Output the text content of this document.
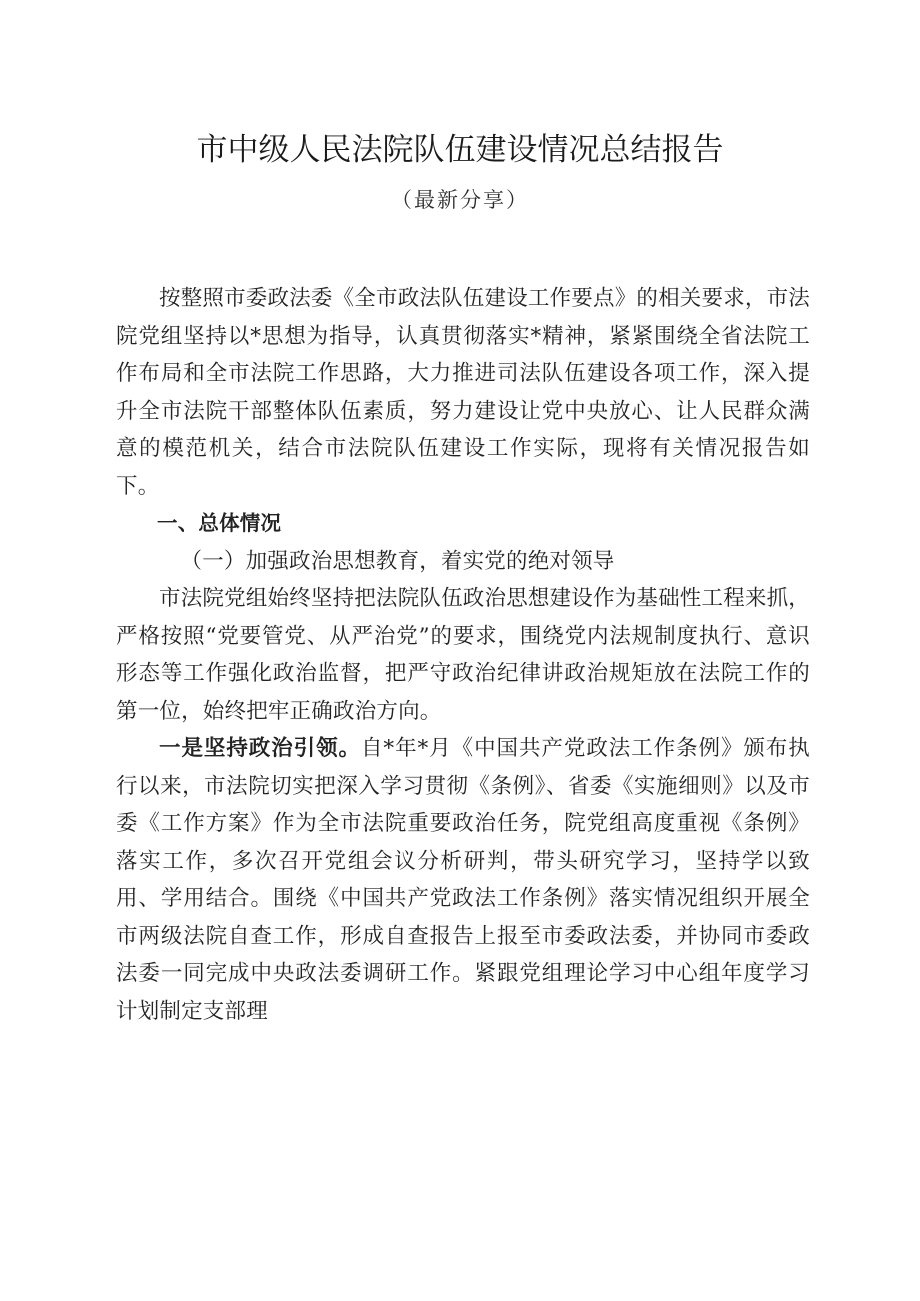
市中级人民法院队伍建设情况总结报告
（最新分享）

按整照市委政法委《全市政法队伍建设工作要点》的相关要求，市法院党组坚持以*思想为指导，认真贯彻落实*精神，紧紧围绕全省法院工作布局和全市法院工作思路，大力推进司法队伍建设各项工作，深入提升全市法院干部整体队伍素质，努力建设让党中央放心、让人民群众满意的模范机关，结合市法院队伍建设工作实际，现将有关情况报告如下。

一、总体情况

（一）加强政治思想教育，着实党的绝对领导

市法院党组始终坚持把法院队伍政治思想建设作为基础性工程来抓，严格按照“党要管党、从严治党”的要求，围绕党内法规制度执行、意识形态等工作强化政治监督，把严守政治纪律讲政治规矩放在法院工作的第一位，始终把牢正确政治方向。

一是坚持政治引领。自*年*月《中国共产党政法工作条例》颁布执行以来，市法院切实把深入学习贯彻《条例》、省委《实施细则》以及市委《工作方案》作为全市法院重要政治任务，院党组高度重视《条例》落实工作，多次召开党组会议分析研判，带头研究学习，坚持学以致用、学用结合。围绕《中国共产党政法工作条例》落实情况组织开展全市两级法院自查工作，形成自查报告上报至市委政法委，并协同市委政法委一同完成中央政法委调研工作。紧跟党组理论学习中心组年度学习计划制定支部理
